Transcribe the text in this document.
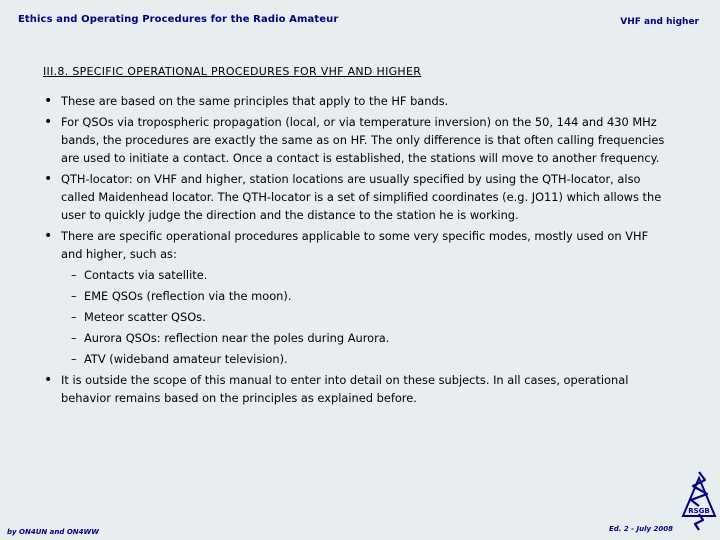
Ethics and Operating Procedures for the Radio Amateur	VHF and higher
III.8. SPECIFIC OPERATIONAL PROCEDURES FOR VHF AND HIGHER
• These are based on the same principles that apply to the HF bands.
• For QSOs via tropospheric propagation (local, or via temperature inversion) on the 50, 144 and 430 MHz bands, the procedures are exactly the same as on HF. The only difference is that often calling frequencies are used to initiate a contact. Once a contact is established, the stations will move to another frequency.
• QTH-locator: on VHF and higher, station locations are usually specified by using the QTH-locator, also called Maidenhead locator. The QTH-locator is a set of simplified coordinates (e.g. JO11) which allows the user to quickly judge the direction and the distance to the station he is working.
• There are specific operational procedures applicable to some very specific modes, mostly used on VHF and higher, such as:
– Contacts via satellite.
– EME QSOs (reflection via the moon).
– Meteor scatter QSOs.
– Aurora QSOs: reflection near the poles during Aurora.
– ATV (wideband amateur television).
• It is outside the scope of this manual to enter into detail on these subjects. In all cases, operational behavior remains based on the principles as explained before.
RSGB
by ON4UN and ON4WW	Ed. 2 - July 2008
